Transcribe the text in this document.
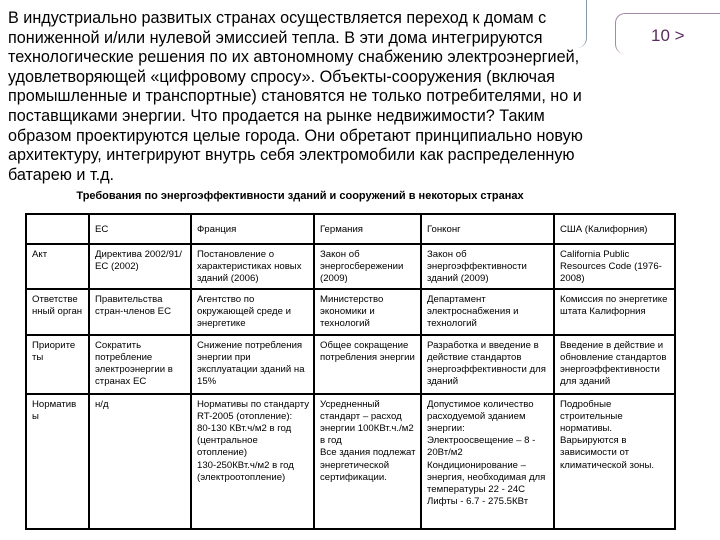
10 >
В индустриально развитых странах осуществляется переход к домам с
пониженной и/или нулевой эмиссией тепла. В эти дома интегрируются
технологические решения по их автономному снабжению электроэнергией,
удовлетворяющей «цифровому спросу». Объекты-сооружения (включая
промышленные и транспортные) становятся не только потребителями, но и
поставщиками энергии. Что продается на рынке недвижимости? Таким
образом проектируются целые города. Они обретают принципиально новую
архитектуру, интегрируют внутрь себя электромобили как распределенную
батарею и т.д.
Требования по энергоэффективности зданий и сооружений в некоторых странах
	ЕС	Франция	Германия	Гонконг	США (Калифорния)
Акт	Директива 2002/91/ЕС (2002)	Постановление о характеристиках новых зданий (2006)	Закон об энергосбережении (2009)	Закон об энергоэффективности зданий (2009)	California Public Resources Code (1976-2008)
Ответстве нный орган	Правительства стран-членов ЕС	Агентство по окружающей среде и энергетике	Министерство экономики и технологий	Департамент электроснабжения и технологий	Комиссия по энергетике штата Калифорния
Приорите ты	Сократить потребление электроэнергии в странах ЕС	Снижение потребления энергии при эксплуатации зданий на 15%	Общее сокращение потребления энергии	Разработка и введение в действие стандартов энергоэффективности для зданий	Введение в действие и обновление стандартов энергоэффективности для зданий
Норматив ы	н/д	Нормативы по стандарту RT-2005 (отопление):
80-130 КВт.ч/м2 в год (центральное отопление)
130-250КВт.ч/м2 в год (электроотопление)	Усредненный стандарт – расход энергии 100КВт.ч./м2 в год
Все здания подлежат энергетической сертификации.	Допустимое количество расходуемой зданием энергии:
Электроосвещение – 8 - 20Вт/м2
Кондиционирование – энергия, необходимая для температуры 22 - 24С
Лифты - 6.7 - 275.5КВт	Подробные строительные нормативы. Варьируются в зависимости от климатической зоны.
